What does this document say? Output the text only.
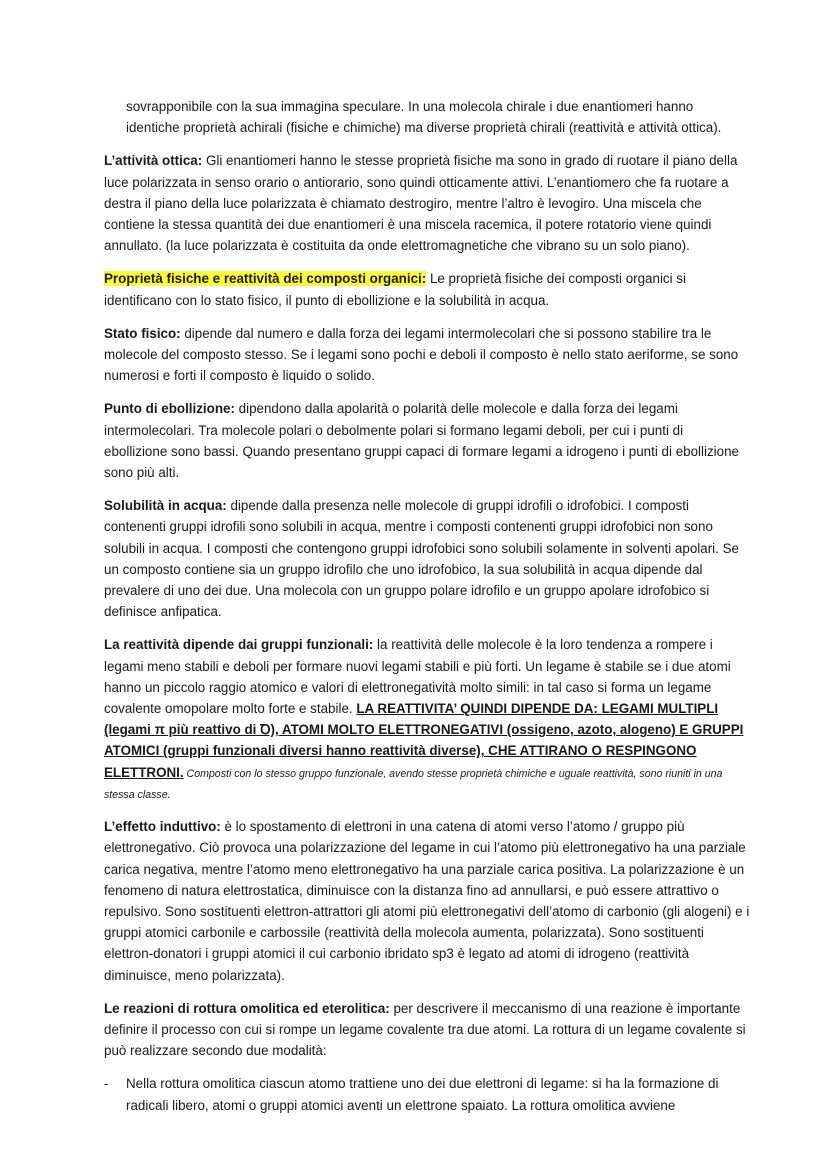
sovrapponibile con la sua immagina speculare. In una molecola chirale i due enantiomeri hanno identiche proprietà achirali (fisiche e chimiche) ma diverse proprietà chirali (reattività e attività ottica).

L’attività ottica: Gli enantiomeri hanno le stesse proprietà fisiche ma sono in grado di ruotare il piano della luce polarizzata in senso orario o antiorario, sono quindi otticamente attivi. L’enantiomero che fa ruotare a destra il piano della luce polarizzata è chiamato destrogiro, mentre l’altro è levogiro. Una miscela che contiene la stessa quantità dei due enantiomeri è una miscela racemica, il potere rotatorio viene quindi annullato. (la luce polarizzata è costituita da onde elettromagnetiche che vibrano su un solo piano).

Proprietà fisiche e reattività dei composti organici: Le proprietà fisiche dei composti organici si identificano con lo stato fisico, il punto di ebollizione e la solubilità in acqua.

Stato fisico: dipende dal numero e dalla forza dei legami intermolecolari che si possono stabilire tra le molecole del composto stesso. Se i legami sono pochi e deboli il composto è nello stato aeriforme, se sono numerosi e forti il composto è liquido o solido.

Punto di ebollizione: dipendono dalla apolarità o polarità delle molecole e dalla forza dei legami intermolecolari. Tra molecole polari o debolmente polari si formano legami deboli, per cui i punti di ebollizione sono bassi. Quando presentano gruppi capaci di formare legami a idrogeno i punti di ebollizione sono più alti.

Solubilità in acqua: dipende dalla presenza nelle molecole di gruppi idrofili o idrofobici. I composti contenenti gruppi idrofili sono solubili in acqua, mentre i composti contenenti gruppi idrofobici non sono solubili in acqua. I composti che contengono gruppi idrofobici sono solubili solamente in solventi apolari. Se un composto contiene sia un gruppo idrofilo che uno idrofobico, la sua solubilità in acqua dipende dal prevalere di uno dei due. Una molecola con un gruppo polare idrofilo e un gruppo apolare idrofobico si definisce anfipatica.

La reattività dipende dai gruppi funzionali: la reattività delle molecole è la loro tendenza a rompere i legami meno stabili e deboli per formare nuovi legami stabili e più forti. Un legame è stabile se i due atomi hanno un piccolo raggio atomico e valori di elettronegatività molto simili: in tal caso si forma un legame covalente omopolare molto forte e stabile. LA REATTIVITA’ QUINDI DIPENDE DA: LEGAMI MULTIPLI (legami π più reattivo di Ꝺ), ATOMI MOLTO ELETTRONEGATIVI (ossigeno, azoto, alogeno) E GRUPPI ATOMICI (gruppi funzionali diversi hanno reattività diverse), CHE ATTIRANO O RESPINGONO ELETTRONI. Composti con lo stesso gruppo funzionale, avendo stesse proprietà chimiche e uguale reattività, sono riuniti in una stessa classe.

L’effetto induttivo: è lo spostamento di elettroni in una catena di atomi verso l’atomo / gruppo più elettronegativo. Ciò provoca una polarizzazione del legame in cui l’atomo più elettronegativo ha una parziale carica negativa, mentre l’atomo meno elettronegativo ha una parziale carica positiva. La polarizzazione è un fenomeno di natura elettrostatica, diminuisce con la distanza fino ad annullarsi, e può essere attrattivo o repulsivo. Sono sostituenti elettron-attrattori gli atomi più elettronegativi dell’atomo di carbonio (gli alogeni) e i gruppi atomici carbonile e carbossile (reattività della molecola aumenta, polarizzata). Sono sostituenti elettron-donatori i gruppi atomici il cui carbonio ibridato sp3 è legato ad atomi di idrogeno (reattività diminuisce, meno polarizzata).

Le reazioni di rottura omolitica ed eterolitica: per descrivere il meccanismo di una reazione è importante definire il processo con cui si rompe un legame covalente tra due atomi. La rottura di un legame covalente si può realizzare secondo due modalità:

- Nella rottura omolitica ciascun atomo trattiene uno dei due elettroni di legame: si ha la formazione di radicali libero, atomi o gruppi atomici aventi un elettrone spaiato. La rottura omolitica avviene
